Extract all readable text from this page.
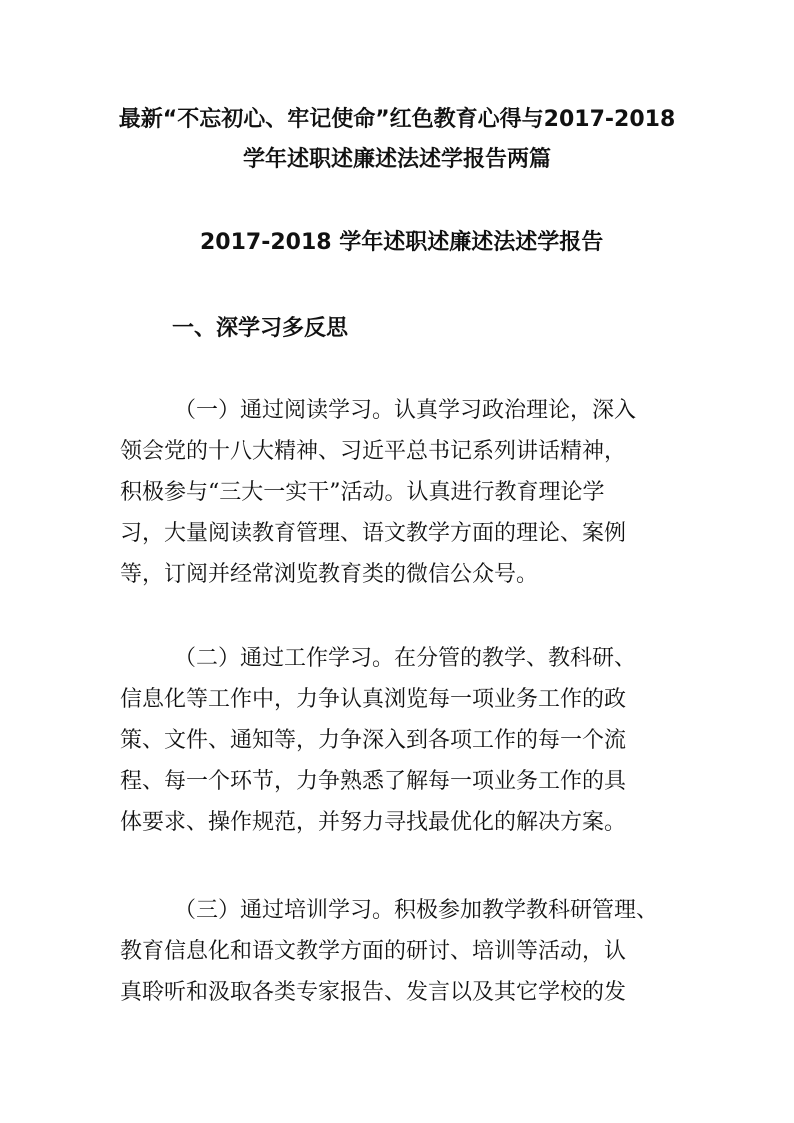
最新“不忘初心、牢记使命”红色教育心得与2017-2018
学年述职述廉述法述学报告两篇
2017-2018 学年述职述廉述法述学报告
一、深学习多反思

（一）通过阅读学习。认真学习政治理论，深入
领会党的十八大精神、习近平总书记系列讲话精神，
积极参与“三大一实干”活动。认真进行教育理论学
习，大量阅读教育管理、语文教学方面的理论、案例
等，订阅并经常浏览教育类的微信公众号。

（二）通过工作学习。在分管的教学、教科研、
信息化等工作中，力争认真浏览每一项业务工作的政
策、文件、通知等，力争深入到各项工作的每一个流
程、每一个环节，力争熟悉了解每一项业务工作的具
体要求、操作规范，并努力寻找最优化的解决方案。

（三）通过培训学习。积极参加教学教科研管理、
教育信息化和语文教学方面的研讨、培训等活动，认
真聆听和汲取各类专家报告、发言以及其它学校的发
